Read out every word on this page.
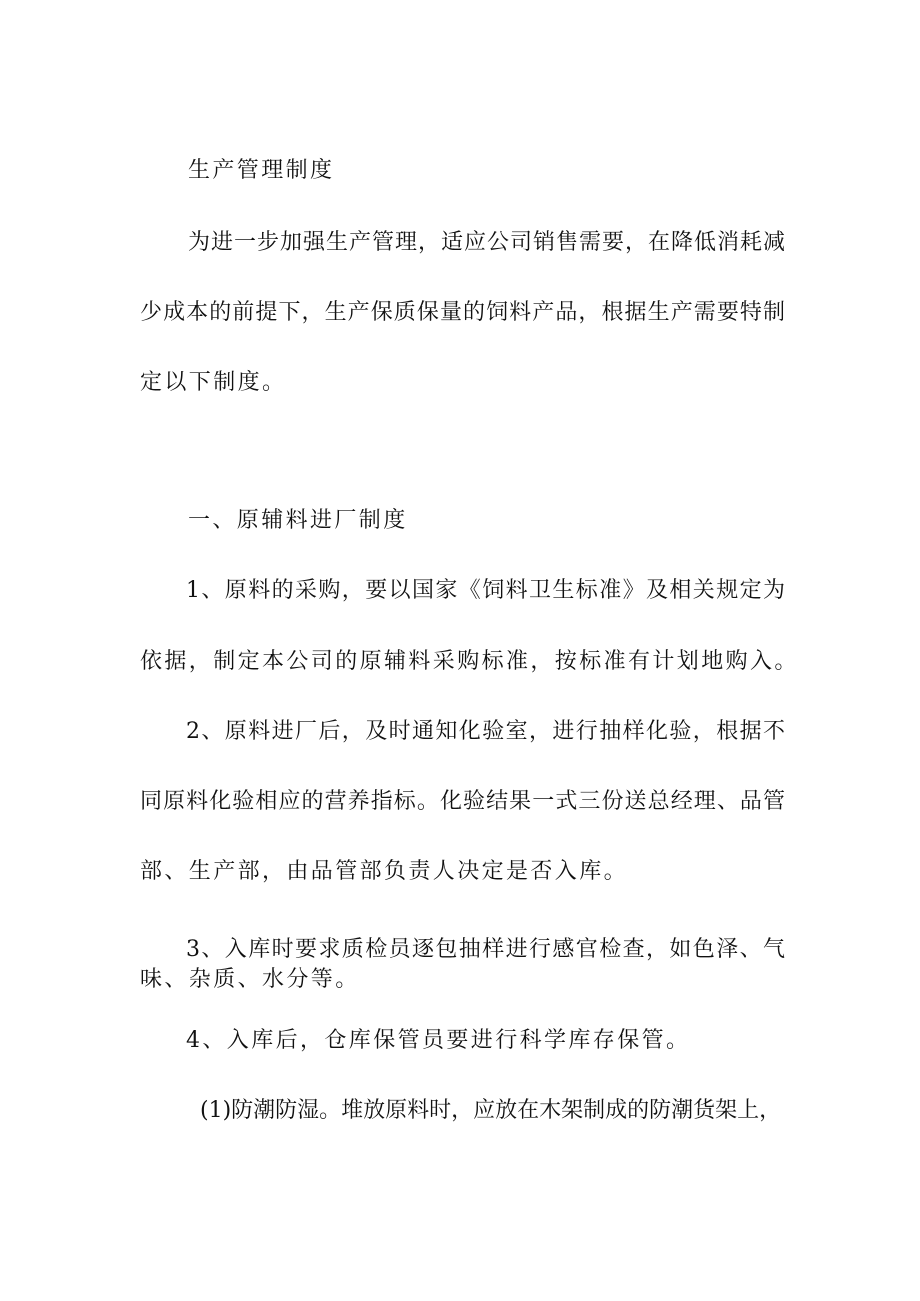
生产管理制度
为进一步加强生产管理，适应公司销售需要，在降低消耗减
少成本的前提下，生产保质保量的饲料产品，根据生产需要特制
定以下制度。
一、原辅料进厂制度
1、原料的采购，要以国家《饲料卫生标准》及相关规定为
依据，制定本公司的原辅料采购标准，按标准有计划地购入。
2、原料进厂后，及时通知化验室，进行抽样化验，根据不
同原料化验相应的营养指标。化验结果一式三份送总经理、品管
部、生产部，由品管部负责人决定是否入库。
3、入库时要求质检员逐包抽样进行感官检查，如色泽、气
味、杂质、水分等。
4、入库后，仓库保管员要进行科学库存保管。
(1)防潮防湿。堆放原料时，应放在木架制成的防潮货架上，
